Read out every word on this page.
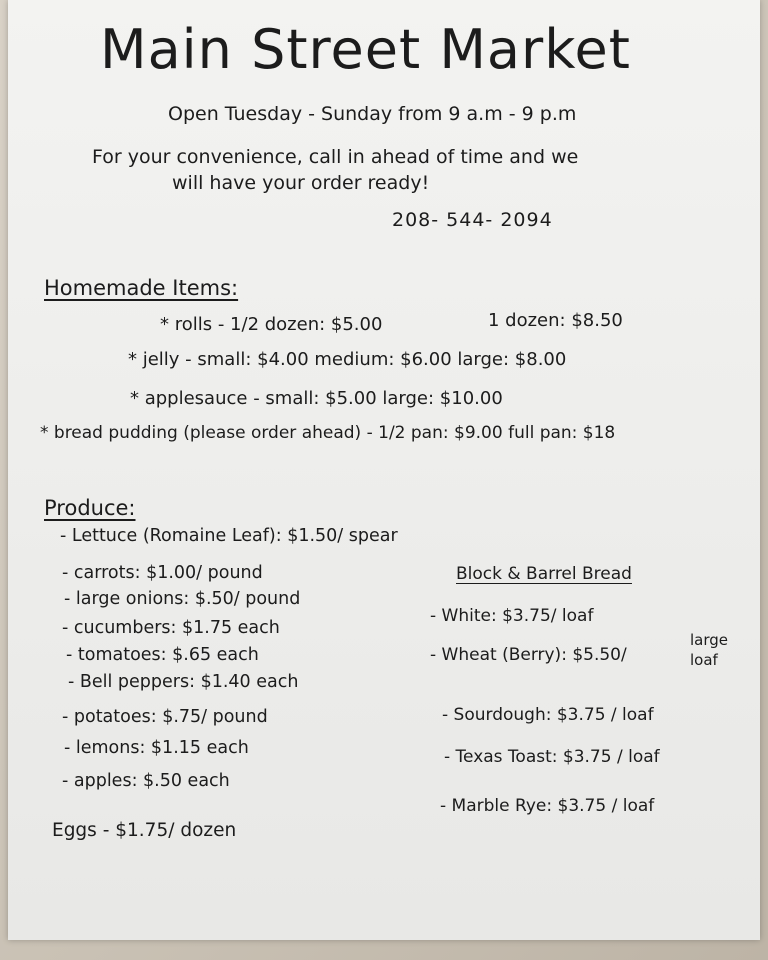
Main Street Market
Open Tuesday - Sunday from 9 a.m - 9 p.m
For your convenience, call in ahead of time and we
will have your order ready!
208- 544- 2094
Homemade Items:
* rolls - 1/2 dozen: $5.00	1 dozen: $8.50
* jelly - small: $4.00 medium: $6.00 large: $8.00
* applesauce - small: $5.00 large: $10.00
* bread pudding (please order ahead) - 1/2 pan: $9.00 full pan: $18
Produce:
- Lettuce (Romaine Leaf): $1.50/ spear
- carrots: $1.00/ pound
- large onions: $.50/ pound
- cucumbers: $1.75 each
- tomatoes: $.65 each
- Bell peppers: $1.40 each
- potatoes: $.75/ pound
- lemons: $1.15 each
- apples: $.50 each
Eggs - $1.75/ dozen
Block & Barrel Bread
- White: $3.75/ loaf
- Wheat (Berry): $5.50/
large loaf
- Sourdough: $3.75 / loaf
- Texas Toast: $3.75 / loaf
- Marble Rye: $3.75 / loaf
